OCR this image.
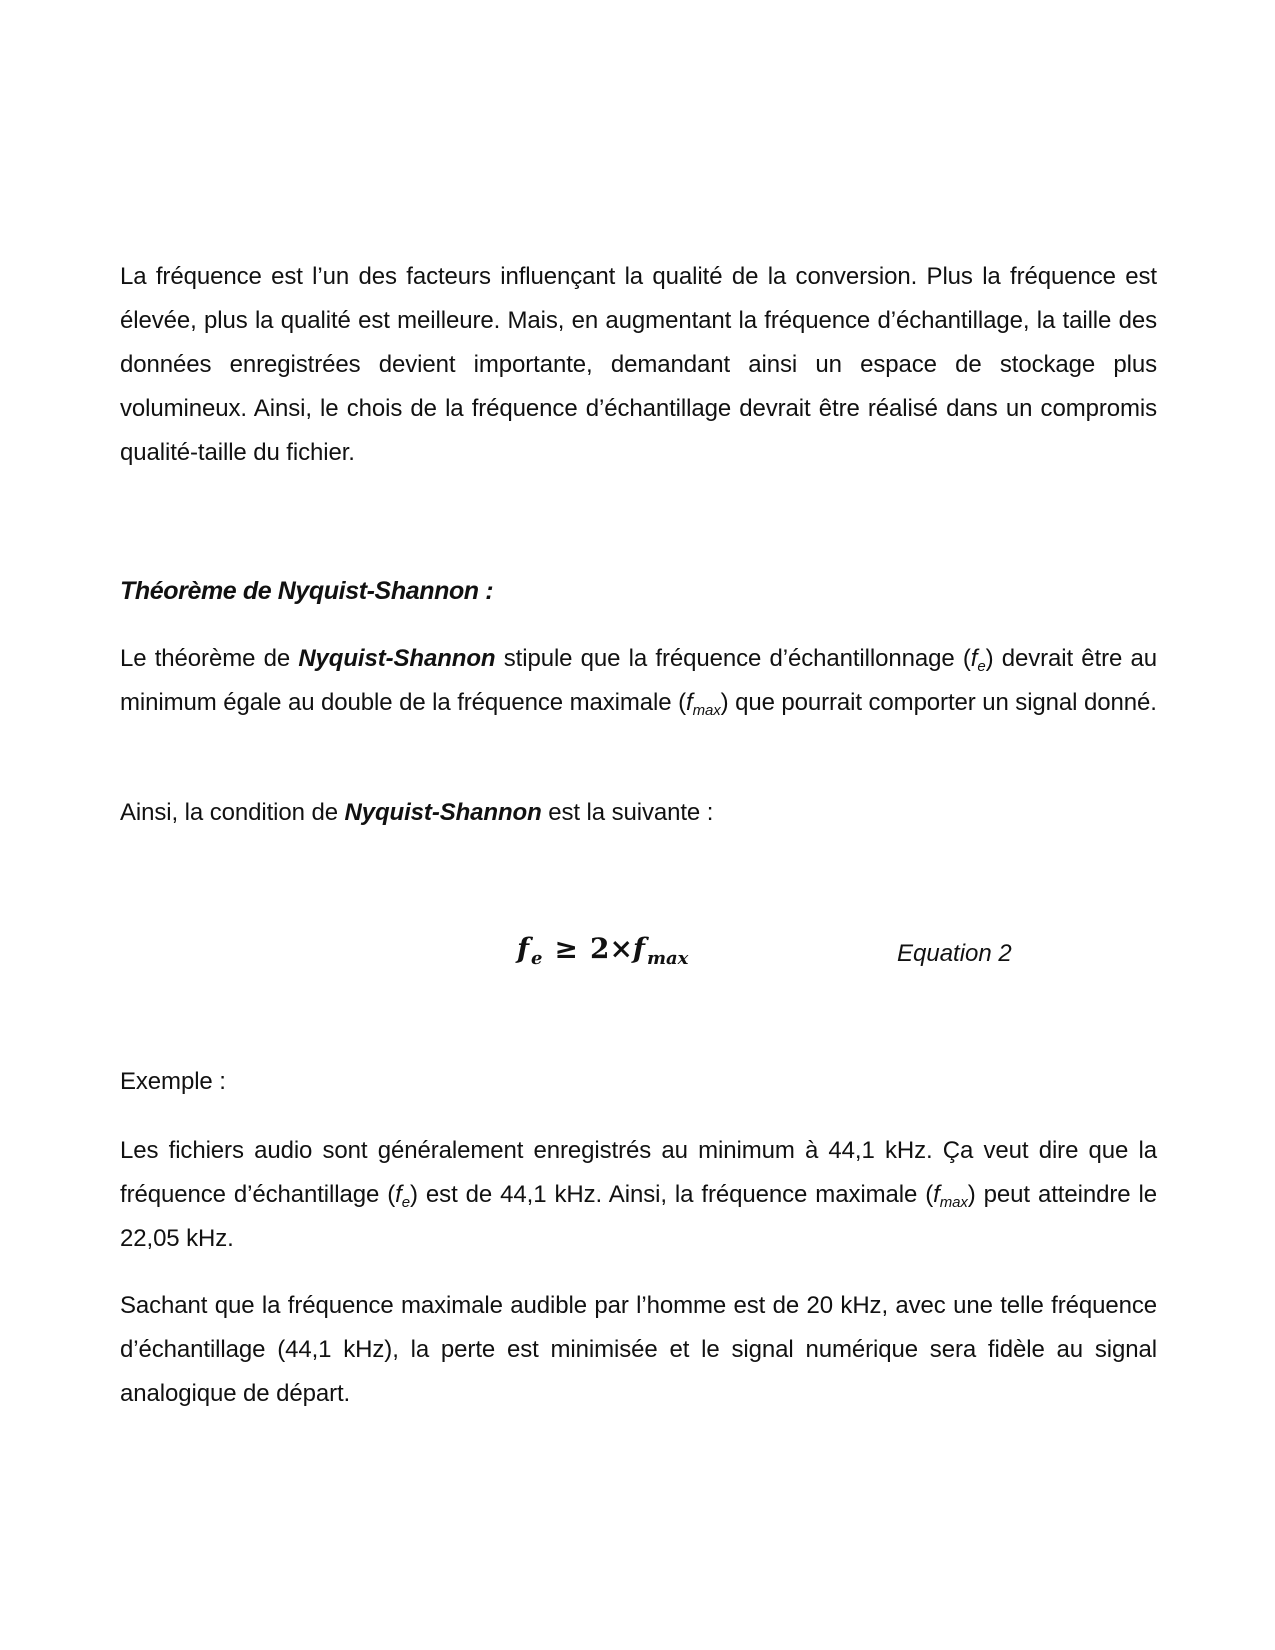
La fréquence est l’un des facteurs influençant la qualité de la conversion. Plus la fréquence est élevée, plus la qualité est meilleure. Mais, en augmentant la fréquence d’échantillage, la taille des données enregistrées devient importante, demandant ainsi un espace de stockage plus volumineux. Ainsi, le chois de la fréquence d’échantillage devrait être réalisé dans un compromis qualité-taille du fichier.

Théorème de Nyquist-Shannon :

Le théorème de Nyquist-Shannon stipule que la fréquence d’échantillonnage $(f_e)$ devrait être au minimum égale au double de la fréquence maximale $(f_{max})$ que pourrait comporter un signal donné.

Ainsi, la condition de Nyquist-Shannon est la suivante :

f $_e$ ≥ 2×f $_{max}$	Equation 2

Exemple :

Les fichiers audio sont généralement enregistrés au minimum à 44,1 kHz. Ça veut dire que la fréquence d’échantillage $(f_e)$ est de 44,1 kHz. Ainsi, la fréquence maximale $(f_{max})$ peut atteindre le 22,05 kHz.

Sachant que la fréquence maximale audible par l’homme est de 20 kHz, avec une telle fréquence d’échantillage (44,1 kHz), la perte est minimisée et le signal numérique sera fidèle au signal analogique de départ.
